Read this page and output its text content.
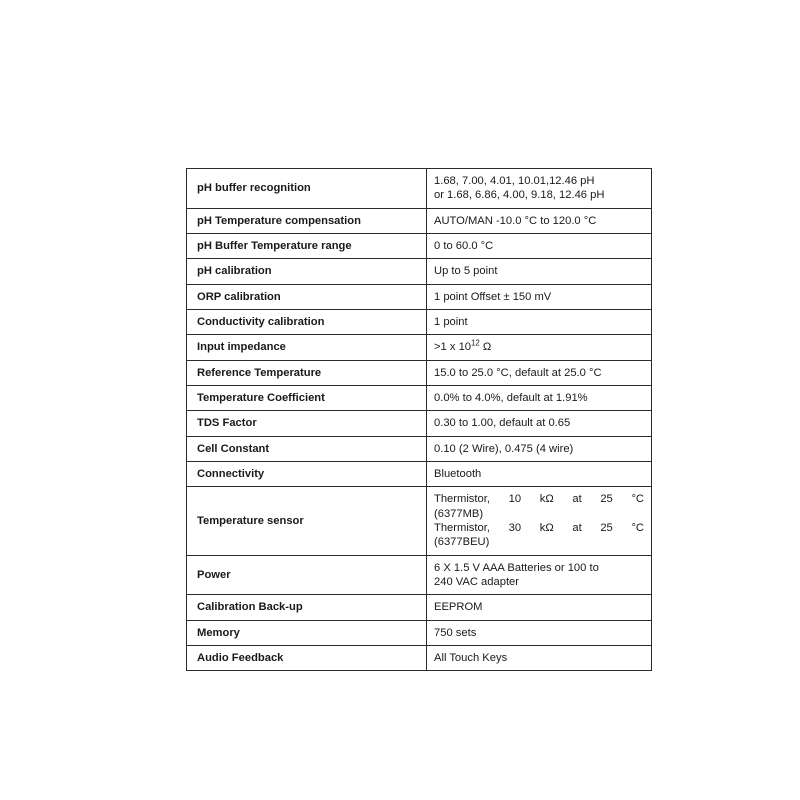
pH buffer recognition	1.68, 7.00, 4.01, 10.01,12.46 pH
or 1.68, 6.86, 4.00, 9.18, 12.46 pH

pH Temperature compensation	AUTO/MAN -10.0 °C to 120.0 °C

pH Buffer Temperature range	0 to 60.0 °C

pH calibration	Up to 5 point

ORP calibration	1 point Offset ± 150 mV

Conductivity calibration	1 point

Input impedance	>1 x $10^{12}$ Ω

Reference Temperature	15.0 to 25.0 °C, default at 25.0 °C

Temperature Coefficient	0.0% to 4.0%, default at 1.91%

TDS Factor	0.30 to 1.00, default at 0.65

Cell Constant	0.10 (2 Wire), 0.475 (4 wire)

Connectivity	Bluetooth

Temperature sensor	Thermistor, 10 kΩ at 25 °C
(6377MB)
Thermistor, 30 kΩ at 25 °C
(6377BEU)

Power	6 X 1.5 V AAA Batteries or 100 to
240 VAC adapter

Calibration Back-up	EEPROM

Memory	750 sets

Audio Feedback	All Touch Keys
